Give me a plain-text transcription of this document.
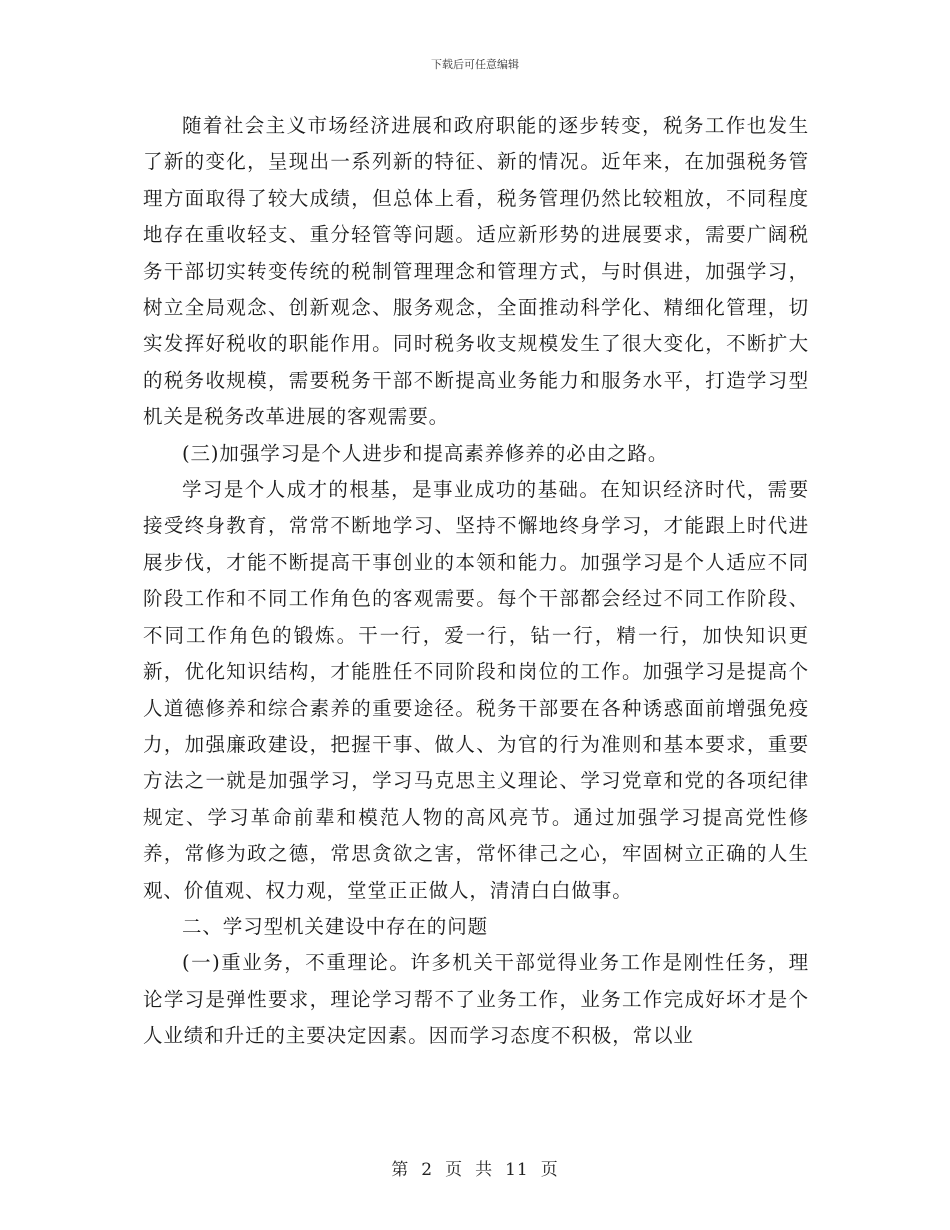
下载后可任意编辑

随着社会主义市场经济进展和政府职能的逐步转变，税务工作也发生了新的变化，呈现出一系列新的特征、新的情况。近年来，在加强税务管理方面取得了较大成绩，但总体上看，税务管理仍然比较粗放，不同程度地存在重收轻支、重分轻管等问题。适应新形势的进展要求，需要广阔税务干部切实转变传统的税制管理理念和管理方式，与时俱进，加强学习，树立全局观念、创新观念、服务观念，全面推动科学化、精细化管理，切实发挥好税收的职能作用。同时税务收支规模发生了很大变化，不断扩大的税务收规模，需要税务干部不断提高业务能力和服务水平，打造学习型机关是税务改革进展的客观需要。

(三)加强学习是个人进步和提高素养修养的必由之路。

学习是个人成才的根基，是事业成功的基础。在知识经济时代，需要接受终身教育，常常不断地学习、坚持不懈地终身学习，才能跟上时代进展步伐，才能不断提高干事创业的本领和能力。加强学习是个人适应不同阶段工作和不同工作角色的客观需要。每个干部都会经过不同工作阶段、不同工作角色的锻炼。干一行，爱一行，钻一行，精一行，加快知识更新，优化知识结构，才能胜任不同阶段和岗位的工作。加强学习是提高个人道德修养和综合素养的重要途径。税务干部要在各种诱惑面前增强免疫力，加强廉政建设，把握干事、做人、为官的行为准则和基本要求，重要方法之一就是加强学习，学习马克思主义理论、学习党章和党的各项纪律规定、学习革命前辈和模范人物的高风亮节。通过加强学习提高党性修养，常修为政之德，常思贪欲之害，常怀律己之心，牢固树立正确的人生观、价值观、权力观，堂堂正正做人，清清白白做事。

二、学习型机关建设中存在的问题

(一)重业务，不重理论。许多机关干部觉得业务工作是刚性任务，理论学习是弹性要求，理论学习帮不了业务工作，业务工作完成好坏才是个人业绩和升迁的主要决定因素。因而学习态度不积极，常以业

第 2 页 共 11 页
